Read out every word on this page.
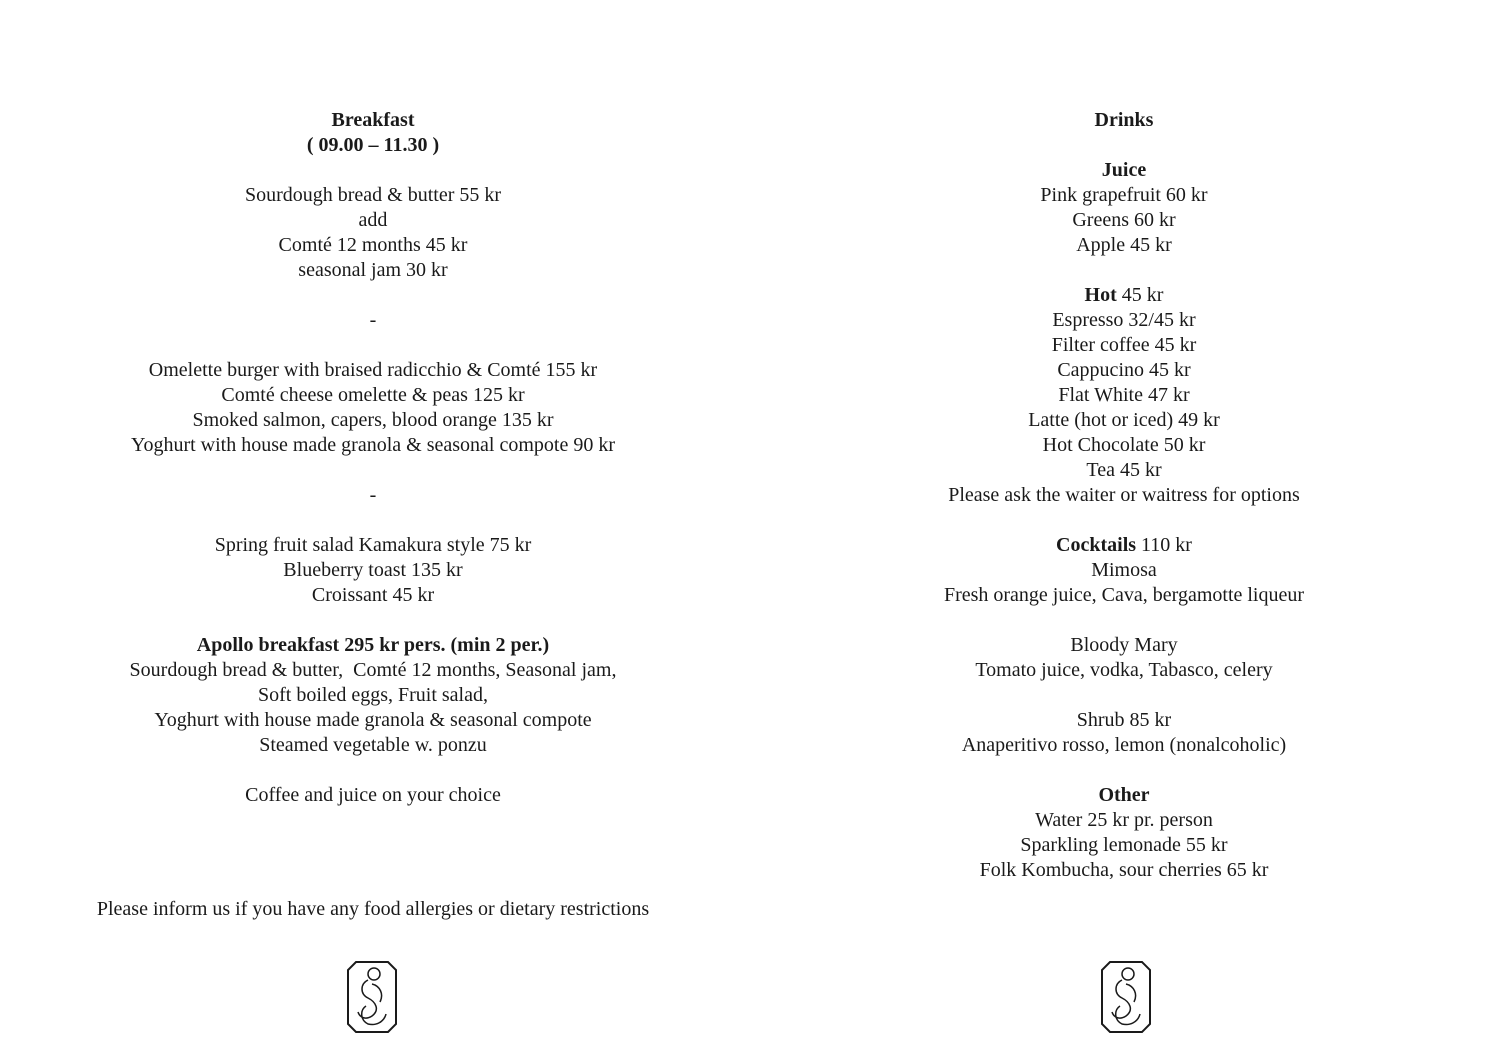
Breakfast
( 09.00 – 11.30 )
Sourdough bread & butter 55 kr
add
Comté 12 months 45 kr
seasonal jam 30 kr
-
Omelette burger with braised radicchio & Comté 155 kr
Comté cheese omelette & peas 125 kr
Smoked salmon, capers, blood orange 135 kr
Yoghurt with house made granola & seasonal compote 90 kr
-
Spring fruit salad Kamakura style 75 kr
Blueberry toast 135 kr
Croissant 45 kr
Apollo breakfast 295 kr pers. (min 2 per.)
Sourdough bread & butter,  Comté 12 months, Seasonal jam,
Soft boiled eggs, Fruit salad,
Yoghurt with house made granola & seasonal compote
Steamed vegetable w. ponzu
Coffee and juice on your choice
Please inform us if you have any food allergies or dietary restrictions
Drinks
Juice
Pink grapefruit 60 kr
Greens 60 kr
Apple 45 kr
Hot 45 kr
Espresso 32/45 kr
Filter coffee 45 kr
Cappucino 45 kr
Flat White 47 kr
Latte (hot or iced) 49 kr
Hot Chocolate 50 kr
Tea 45 kr
Please ask the waiter or waitress for options
Cocktails 110 kr
Mimosa
Fresh orange juice, Cava, bergamotte liqueur
Bloody Mary
Tomato juice, vodka, Tabasco, celery
Shrub 85 kr
Anaperitivo rosso, lemon (nonalcoholic)
Other
Water 25 kr pr. person
Sparkling lemonade 55 kr
Folk Kombucha, sour cherries 65 kr
